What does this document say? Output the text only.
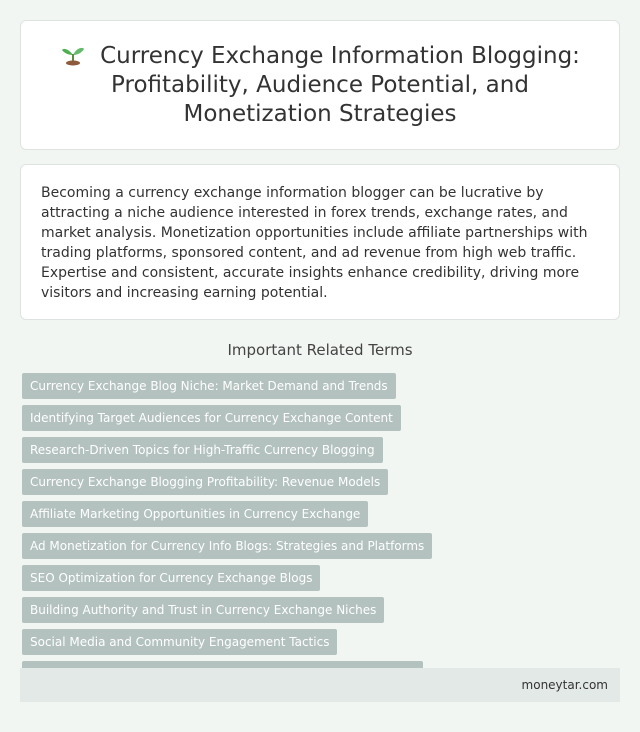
Currency Exchange Information Blogging: Profitability, Audience Potential, and Monetization Strategies

Becoming a currency exchange information blogger can be lucrative by attracting a niche audience interested in forex trends, exchange rates, and market analysis. Monetization opportunities include affiliate partnerships with trading platforms, sponsored content, and ad revenue from high web traffic. Expertise and consistent, accurate insights enhance credibility, driving more visitors and increasing earning potential.

Important Related Terms
Currency Exchange Blog Niche: Market Demand and Trends
Identifying Target Audiences for Currency Exchange Content
Research-Driven Topics for High-Traffic Currency Blogging
Currency Exchange Blogging Profitability: Revenue Models
Affiliate Marketing Opportunities in Currency Exchange
Ad Monetization for Currency Info Blogs: Strategies and Platforms
SEO Optimization for Currency Exchange Blogs
Building Authority and Trust in Currency Exchange Niches
Social Media and Community Engagement Tactics
moneytar.com
